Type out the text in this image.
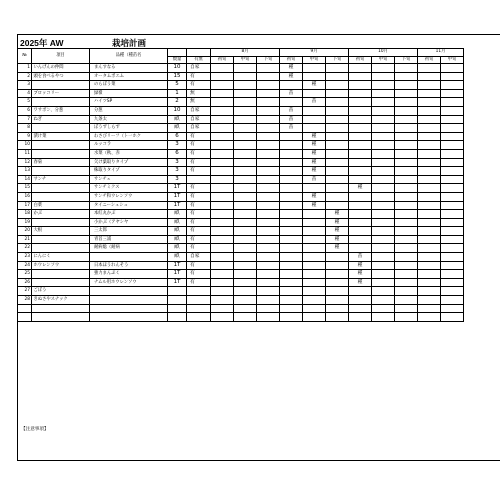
2025年 AW	栽培計画
№	項目	品種（種苗名			8月			9月			10月			11月	
			数量	有無	初旬	中旬	下旬	初旬	中旬	下旬	初旬	中旬	下旬	初旬	中旬
1	いんげんの仲間	まんすなる	10	自家				種							
2	頭を食べるやつ	オータムポエム	15	有				種							
3		のらぼう菜	5	有					種						
4	ブロッコリー	緑嶺	1	無				苗							
5		ハイツSP	2	無					苗						
6	ワサボン、分葱	分葱	10	自家				苗							
7	ねぎ	九条太	畝	自家				苗							
8		ぼうずしらず	畝	自家				苗							
9	漬け菜	わさびリーフ（ト一ホク	6	有					種						
10		ルッコラ	3	有					種						
11		水菜（秋、赤	6	有					種						
12	春菊	欠け葉取りタイプ	3	有					種						
13		株取りタイプ	3	有					種						
14	サンチ	サンチェ	3						苗						
15		サンチミクス	1T	有							種				
16		サンチ和ウレンソウ	1T	有					種						
17	白菜	タイニーシュシュ	1T	有					種						
18	かぶ	本紅丸かぶ	畝	有						種					
19		小かぶ（アヤシヤ	畝	有						種					
20	大根	三太郎	畝	有						種					
21		青首三浦	畝	有						種					
22		耐病総（耐病	畝	有						種					
23	にんにく		畝	自家							苗				
24	ホウレンソウ	日本ほうれんそう	1T	有							種				
25		強力まんぷく	1T	有							種				
26		ナムル用ホウレンソウ	1T	有							種				
27	ごぼう														
28	きぬさやスナック														

【注意事項】
